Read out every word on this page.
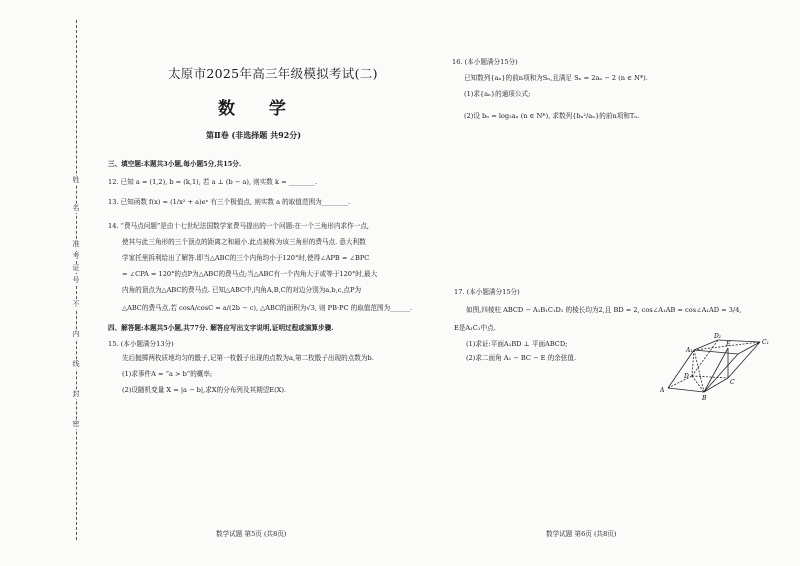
姓
名
准
考
证
号
不
内
线
封
密
太原市2025年高三年级模拟考试(二)
数 学
第Ⅱ卷 (非选择题 共92分)
三、填空题:本题共3小题,每小题5分,共15分.
12. 已知 a = (1,2), b = (k,1), 若 a ⊥ (b − a), 则实数 k = ________.
13. 已知函数 f(x) = (1/x² + a)eˣ 有三个极值点, 则实数 a 的取值范围为________.
14. “费马点问题”是由十七世纪法国数学家费马提出的一个问题:在一个三角形内求作一点,
使其与此三角形的三个顶点的距离之和最小.此点被称为该三角形的费马点. 意大利数
学家托里拆利给出了解答.即当△ABC的三个内角均小于120°时,使得∠APB = ∠BPC
= ∠CPA = 120°的点P为△ABC的费马点;当△ABC有一个内角大于或等于120°时,最大
内角的顶点为△ABC的费马点. 已知△ABC中,内角A,B,C的对边分别为a,b,c,点P为
△ABC的费马点,若 cosA/cosC = a/(2b − c), △ABC的面积为√3, 则 PB·PC 的取值范围为______.
四、解答题:本题共5小题,共77分. 解答应写出文字说明,证明过程或演算步骤.
15. (本小题满分13分)
先后抛掷两枚质地均匀的骰子,记第一枚骰子出现的点数为a,第二枚骰子出现的点数为b.
(1)求事件A = “a > b”的概率;
(2)设随机变量 X = |a − b|,求X的分布列及其期望E(X).
数学试题 第5页 (共8页)
16. (本小题满分15分)
已知数列{aₙ}的前n项和为Sₙ,且满足 Sₙ = 2aₙ − 2 (n ∈ N*).
(1)求{aₙ}的通项公式;
(2)设 bₙ = log₂aₙ (n ∈ N*), 求数列{bₙ²/aₙ}的前n项和Tₙ.
17. (本小题满分15分)
如图,四棱柱 ABCD − A₁B₁C₁D₁ 的棱长均为2,且 BD = 2, cos∠A₁AB = cos∠A₁AD = 3/4,
E是A₁C₁中点.
(1)求证:平面A₁BD ⊥ 平面ABCD;
(2)求二面角 A₁ − BC − E 的余弦值.
A₁
D₁
E	C₁
D
C
A
B
数学试题 第6页 (共8页)
